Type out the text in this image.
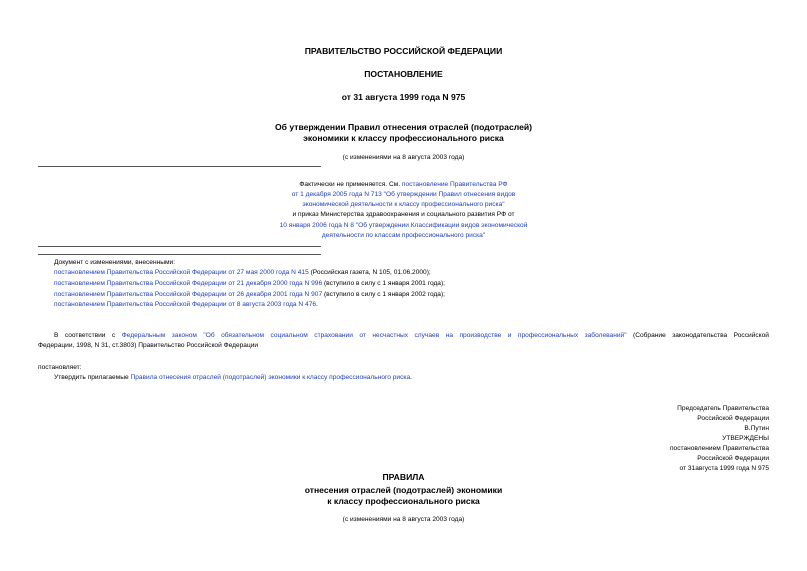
ПРАВИТЕЛЬСТВО РОССИЙСКОЙ ФЕДЕРАЦИИ
ПОСТАНОВЛЕНИЕ
от 31 августа 1999 года N 975
Об утверждении Правил отнесения отраслей (подотраслей)
экономики к классу профессионального риска
(с изменениями на 8 августа 2003 года)
Фактически не применяется. См. постановление Правительства РФ
от 1 декабря 2005 года N 713 "Об утверждении Правил отнесения видов
экономической деятельности к классу профессионального риска"
и приказ Министерства здравоохранения и социального развития РФ от
10 января 2006 года N 8 "Об утверждении Классификации видов экономической
деятельности по классам профессионального риска"
Документ с изменениями, внесенными:
постановлением Правительства Российской Федерации от 27 мая 2000 года N 415 (Российская газета, N 105, 01.06.2000);
постановлением Правительства Российской Федерации от 21 декабря 2000 года N 996 (вступило в силу с 1 января 2001 года);
постановлением Правительства Российской Федерации от 26 декабря 2001 года N 907 (вступило в силу с 1 января 2002 года);
постановлением Правительства Российской Федерации от 8 августа 2003 года N 476.
В соответствии с Федеральным законом "Об обязательном социальном страховании от несчастных случаев на производстве и профессиональных заболеваний" (Собрание законодательства Российской
Федерации, 1998, N 31, ст.3803) Правительство Российской Федерации
постановляет:
Утвердить прилагаемые Правила отнесения отраслей (подотраслей) экономики к классу профессионального риска.
Председатель Правительства
Российской Федерации
В.Путин
УТВЕРЖДЕНЫ
постановлением Правительства
Российской Федерации
от 31августа 1999 года N 975
ПРАВИЛА
отнесения отраслей (подотраслей) экономики
к классу профессионального риска
(с изменениями на 8 августа 2003 года)
